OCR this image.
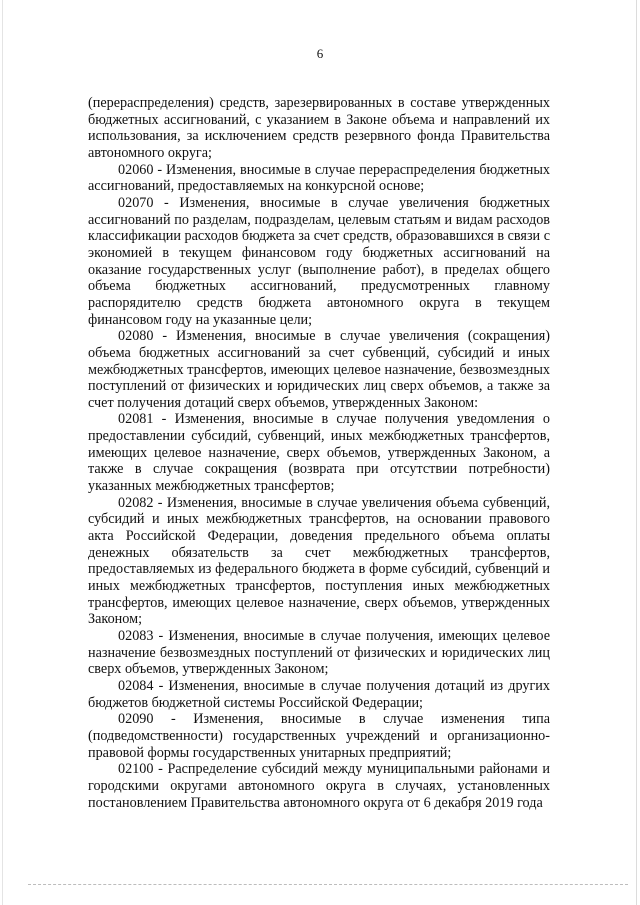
6

(перераспределения) средств, зарезервированных в составе утвержденных бюджетных ассигнований, с указанием в Законе объема и направлений их использования, за исключением средств резервного фонда Правительства автономного округа;

02060 - Изменения, вносимые в случае перераспределения бюджетных ассигнований, предоставляемых на конкурсной основе;

02070 - Изменения, вносимые в случае увеличения бюджетных ассигнований по разделам, подразделам, целевым статьям и видам расходов классификации расходов бюджета за счет средств, образовавшихся в связи с экономией в текущем финансовом году бюджетных ассигнований на оказание государственных услуг (выполнение работ), в пределах общего объема бюджетных ассигнований, предусмотренных главному распорядителю средств бюджета автономного округа в текущем финансовом году на указанные цели;

02080 - Изменения, вносимые в случае увеличения (сокращения) объема бюджетных ассигнований за счет субвенций, субсидий и иных межбюджетных трансфертов, имеющих целевое назначение, безвозмездных поступлений от физических и юридических лиц сверх объемов, а также за счет получения дотаций сверх объемов, утвержденных Законом:

02081 - Изменения, вносимые в случае получения уведомления о предоставлении субсидий, субвенций, иных межбюджетных трансфертов, имеющих целевое назначение, сверх объемов, утвержденных Законом, а также в случае сокращения (возврата при отсутствии потребности) указанных межбюджетных трансфертов;

02082 - Изменения, вносимые в случае увеличения объема субвенций, субсидий и иных межбюджетных трансфертов, на основании правового акта Российской Федерации, доведения предельного объема оплаты денежных обязательств за счет межбюджетных трансфертов, предоставляемых из федерального бюджета в форме субсидий, субвенций и иных межбюджетных трансфертов, поступления иных межбюджетных трансфертов, имеющих целевое назначение, сверх объемов, утвержденных Законом;

02083 - Изменения, вносимые в случае получения, имеющих целевое назначение безвозмездных поступлений от физических и юридических лиц сверх объемов, утвержденных Законом;

02084 - Изменения, вносимые в случае получения дотаций из других бюджетов бюджетной системы Российской Федерации;

02090 - Изменения, вносимые в случае изменения типа (подведомственности) государственных учреждений и организационно-правовой формы государственных унитарных предприятий;

02100 - Распределение субсидий между муниципальными районами и городскими округами автономного округа в случаях, установленных постановлением Правительства автономного округа от 6 декабря 2019 года
